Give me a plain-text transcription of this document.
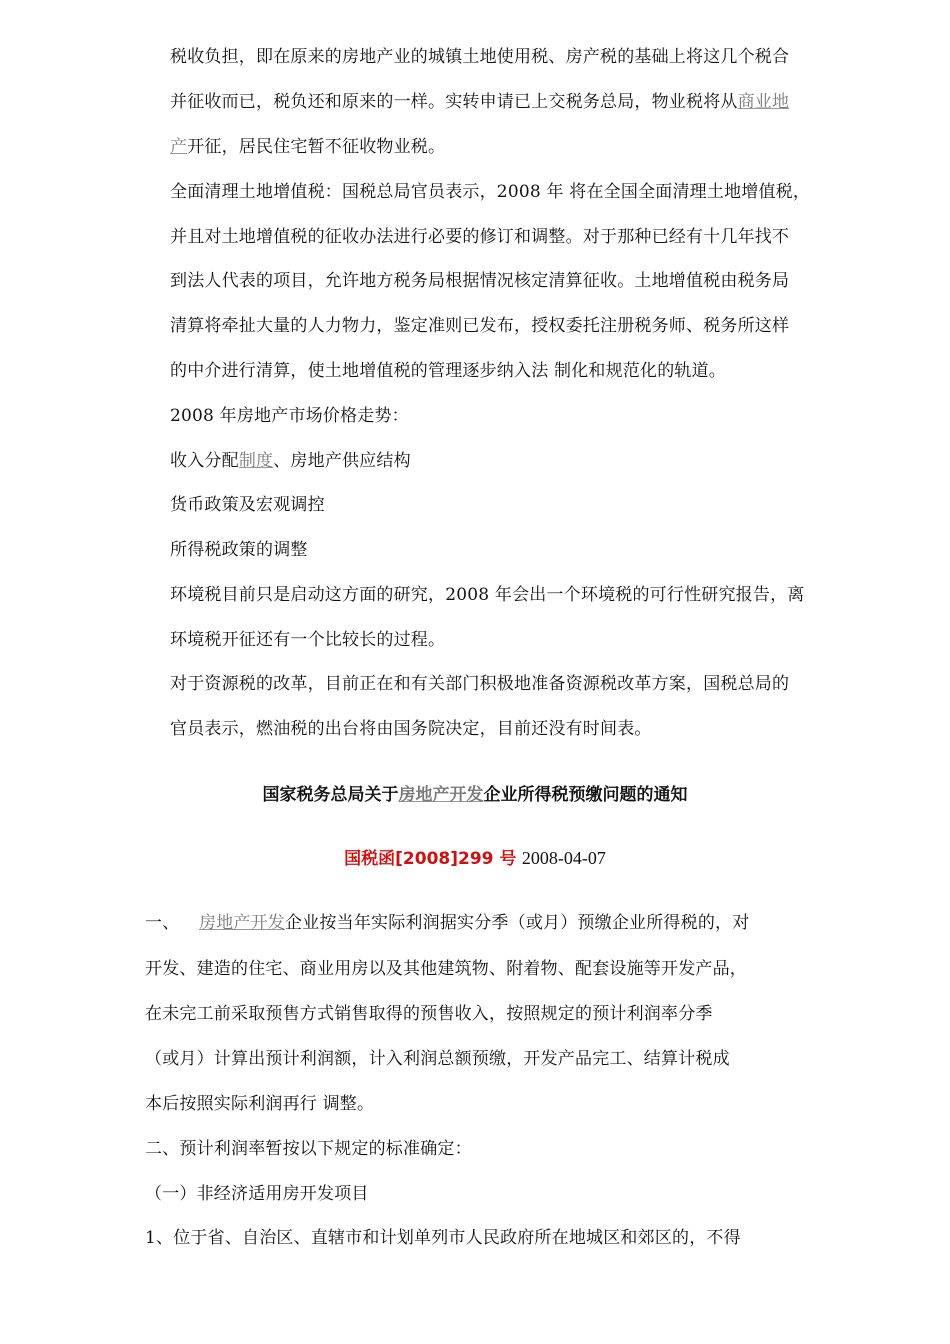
税收负担，即在原来的房地产业的城镇土地使用税、房产税的基础上将这几个税合
并征收而已，税负还和原来的一样。实转申请已上交税务总局，物业税将从商业地
产开征，居民住宅暂不征收物业税。
全面清理土地增值税：国税总局官员表示，2008 年 将在全国全面清理土地增值税，
并且对土地增值税的征收办法进行必要的修订和调整。对于那种已经有十几年找不
到法人代表的项目，允许地方税务局根据情况核定清算征收。土地增值税由税务局
清算将牵扯大量的人力物力，鉴定准则已发布，授权委托注册税务师、税务所这样
的中介进行清算，使土地增值税的管理逐步纳入法 制化和规范化的轨道。
2008 年房地产市场价格走势：
收入分配制度、房地产供应结构
货币政策及宏观调控
所得税政策的调整
环境税目前只是启动这方面的研究，2008 年会出一个环境税的可行性研究报告，离
环境税开征还有一个比较长的过程。
对于资源税的改革，目前正在和有关部门积极地准备资源税改革方案，国税总局的
官员表示，燃油税的出台将由国务院决定，目前还没有时间表。
国家税务总局关于房地产开发企业所得税预缴问题的通知
国税函[2008]299 号 2008-04-07
一、 房地产开发企业按当年实际利润据实分季（或月）预缴企业所得税的，对
开发、建造的住宅、商业用房以及其他建筑物、附着物、配套设施等开发产品，
在未完工前采取预售方式销售取得的预售收入，按照规定的预计利润率分季
（或月）计算出预计利润额，计入利润总额预缴，开发产品完工、结算计税成
本后按照实际利润再行 调整。
二、预计利润率暂按以下规定的标准确定：
（一）非经济适用房开发项目
1、位于省、自治区、直辖市和计划单列市人民政府所在地城区和郊区的，不得
